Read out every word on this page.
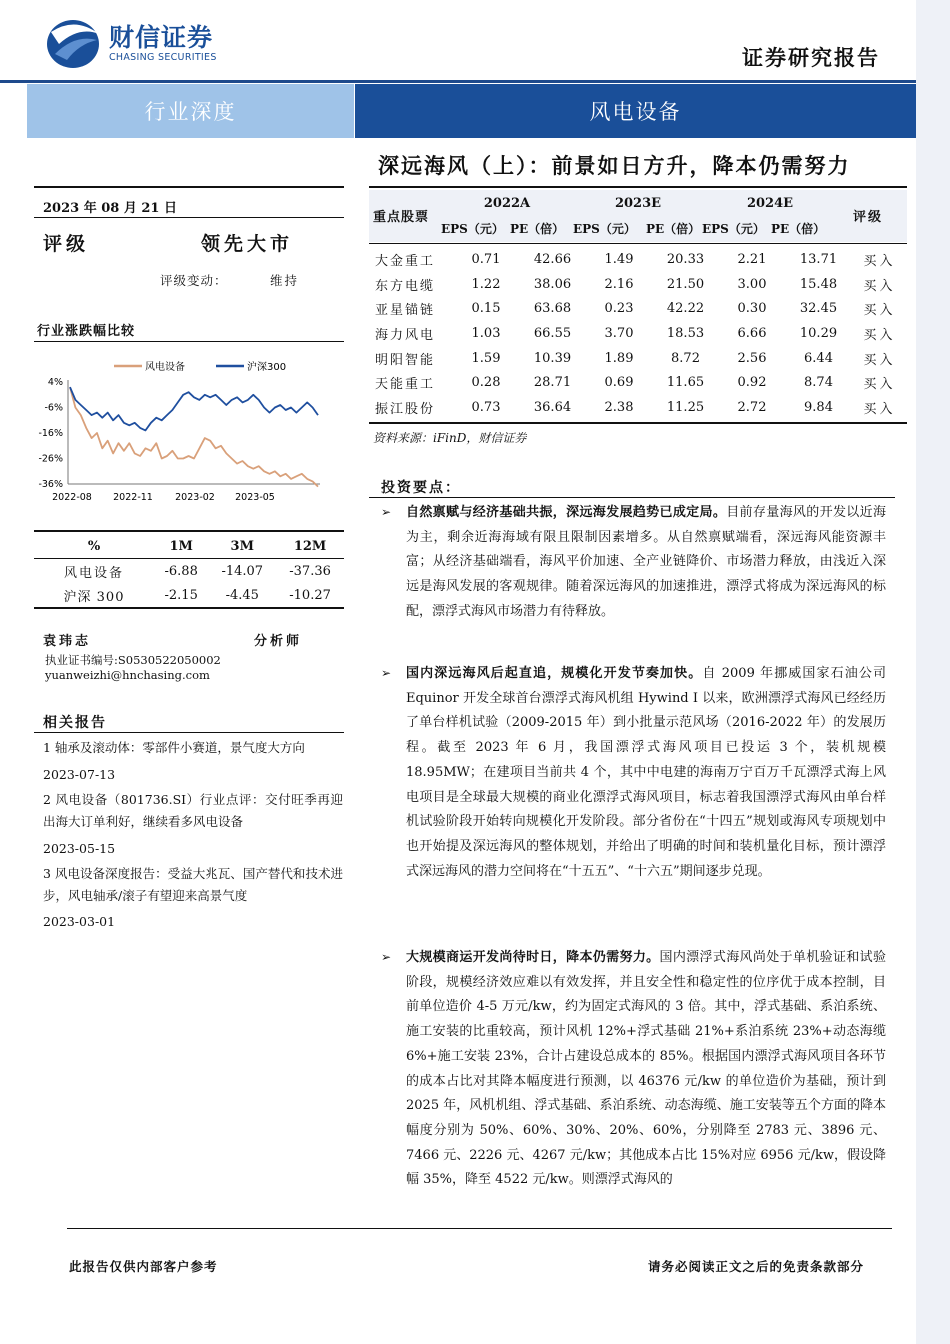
财信证券
CHASING SECURITIES	证券研究报告
行业深度	风电设备
深远海风（上）：前景如日方升，降本仍需努力
2023 年 08 月 21 日
评级	领先大市
评级变动：	维持
行业涨跌幅比较
风电设备	沪深300
4%
-6%
-16%
-26%
-36%
2022-08 2022-11 2023-02 2023-05
%	1M	3M	12M
风电设备	-6.88	-14.07	-37.36
沪深 300	-2.15	-4.45	-10.27
袁玮志	分析师
执业证书编号:S0530522050002
yuanweizhi@hnchasing.com
相关报告
1 轴承及滚动体：零部件小赛道，景气度大方向
2023-07-13
2 风电设备（801736.SI）行业点评：交付旺季再迎出海大订单利好，继续看多风电设备
2023-05-15
3 风电设备深度报告：受益大兆瓦、国产替代和技术进步，风电轴承/滚子有望迎来高景气度
2023-03-01
重点股票
2022A	2023E	2024E
评级
EPS（元） PE（倍） EPS（元） PE（倍） EPS（元） PE（倍）
大金重工	0.71	42.66	1.49	20.33	2.21	13.71	买入
东方电缆	1.22	38.06	2.16	21.50	3.00	15.48	买入
亚星锚链	0.15	63.68	0.23	42.22	0.30	32.45	买入
海力风电	1.03	66.55	3.70	18.53	6.66	10.29	买入
明阳智能	1.59	10.39	1.89	8.72	2.56	6.44	买入
天能重工	0.28	28.71	0.69	11.65	0.92	8.74	买入
振江股份	0.73	36.64	2.38	11.25	2.72	9.84	买入
资料来源：iFinD，财信证券
投资要点：
➢ 自然禀赋与经济基础共振，深远海发展趋势已成定局。目前存量海风的开发以近海为主，剩余近海海域有限且限制因素增多。从自然禀赋端看，深远海风能资源丰富；从经济基础端看，海风平价加速、全产业链降价、市场潜力释放，由浅近入深远是海风发展的客观规律。随着深远海风的加速推进，漂浮式将成为深远海风的标配，漂浮式海风市场潜力有待释放。
➢ 国内深远海风后起直追，规模化开发节奏加快。自 2009 年挪威国家石油公司 Equinor 开发全球首台漂浮式海风机组 Hywind I 以来，欧洲漂浮式海风已经经历了单台样机试验（2009-2015 年）到小批量示范风场（2016-2022 年）的发展历程。截至 2023 年 6 月，我国漂浮式海风项目已投运 3 个，装机规模 18.95MW；在建项目当前共 4 个，其中中电建的海南万宁百万千瓦漂浮式海上风电项目是全球最大规模的商业化漂浮式海风项目，标志着我国漂浮式海风由单台样机试验阶段开始转向规模化开发阶段。部分省份在“十四五”规划或海风专项规划中也开始提及深远海风的整体规划，并给出了明确的时间和装机量化目标，预计漂浮式深远海风的潜力空间将在“十五五”、“十六五”期间逐步兑现。
➢ 大规模商运开发尚待时日，降本仍需努力。国内漂浮式海风尚处于单机验证和试验阶段，规模经济效应难以有效发挥，并且安全性和稳定性的位序优于成本控制，目前单位造价 4-5 万元/kw，约为固定式海风的 3 倍。其中，浮式基础、系泊系统、施工安装的比重较高，预计风机 12%+浮式基础 21%+系泊系统 23%+动态海缆 6%+施工安装 23%，合计占建设总成本的 85%。根据国内漂浮式海风项目各环节的成本占比对其降本幅度进行预测，以 46376 元/kw 的单位造价为基础，预计到 2025 年，风机机组、浮式基础、系泊系统、动态海缆、施工安装等五个方面的降本幅度分别为 50%、60%、30%、20%、60%，分别降至 2783 元、3896 元、7466 元、2226 元、4267 元/kw；其他成本占比 15%对应 6956 元/kw，假设降幅 35%，降至 4522 元/kw。则漂浮式海风的
此报告仅供内部客户参考	请务必阅读正文之后的免责条款部分
